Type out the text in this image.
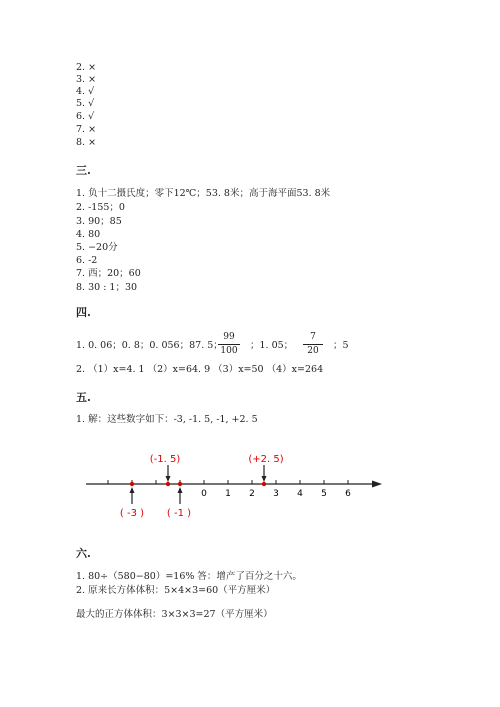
2. ×
3. ×
4. √
5. √
6. √
7. ×
8. ×
三.
1. 负十二摄氏度；零下12℃；53. 8米；高于海平面53. 8米
2. -155；0
3. 90；85
4. 80
5. −20分
6. -2
7. 西；20；60
8. 30 : 1；30
四.
1. 0. 06；0. 8；0. 056；87. 5；
99
100 ；1. 05；
7
20	；5
2. （1）x=4. 1 （2）x=64. 9 （3）x=50 （4）x=264
五.
1. 解：这些数字如下：-3, -1. 5, -1, +2. 5
0 1 2 3 4 5 6
(-1. 5)	(+2. 5)
( -3 ) ( -1 )
六.
1. 80÷（580−80）=16% 答：增产了百分之十六。
2. 原来长方体体积：5×4×3=60（平方厘米）
最大的正方体体积：3×3×3=27（平方厘米）
